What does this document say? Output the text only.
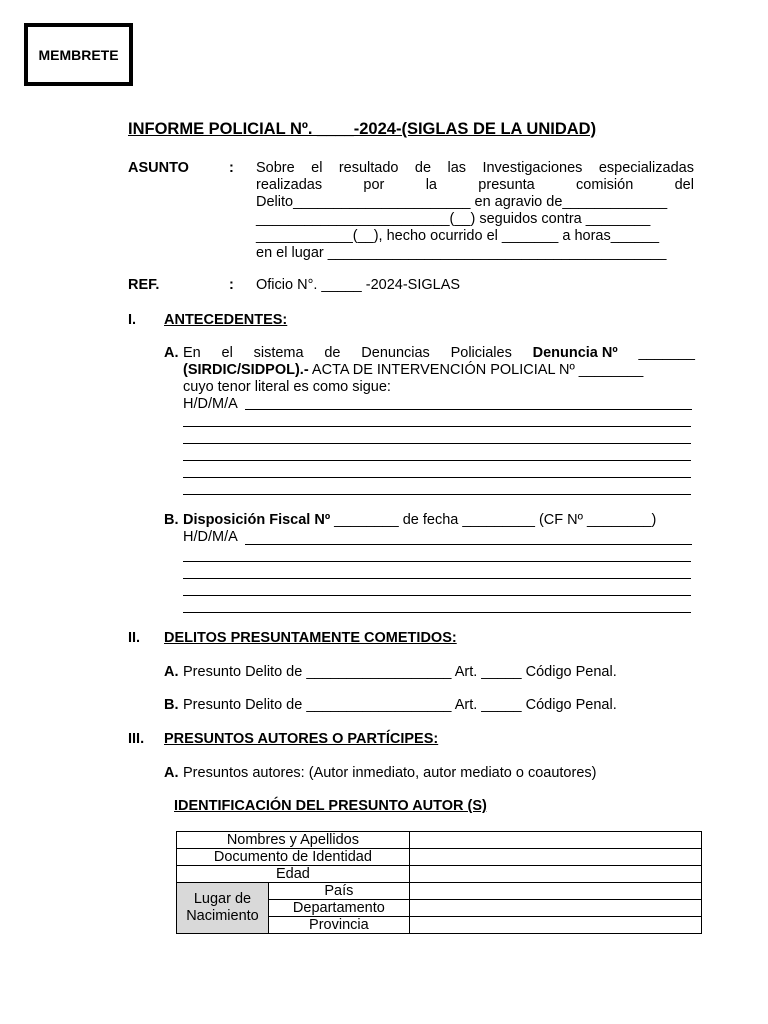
MEMBRETE
INFORME POLICIAL Nº. ____-2024-(SIGLAS DE LA UNIDAD)
ASUNTO	: Sobre el resultado de las Investigaciones especializadas
realizadas	por	la	presunta	comisión	del
Delito______________________ en agravio de_____________
________________________(__) seguidos contra ________
____________(__), hecho ocurrido el _______ a horas______
en el lugar __________________________________________
REF.	: Oficio N°. _____ -2024-SIGLAS
I. ANTECEDENTES:
A. En el sistema de Denuncias Policiales Denuncia Nº _______
(SIRDIC/SIDPOL).- ACTA DE INTERVENCIÓN POLICIAL Nº ________
cuyo tenor literal es como sigue:
H/D/M/A
B. Disposición Fiscal Nº ________ de fecha _________ (CF Nº ________)
H/D/M/A
II. DELITOS PRESUNTAMENTE COMETIDOS:
A. Presunto Delito de __________________ Art. _____ Código Penal.
B. Presunto Delito de __________________ Art. _____ Código Penal.
III. PRESUNTOS AUTORES O PARTÍCIPES:
A. Presuntos autores: (Autor inmediato, autor mediato o coautores)
IDENTIFICACIÓN DEL PRESUNTO AUTOR (S)
Nombres y Apellidos		
Documento de Identidad		
Edad		

Lugar de
Nacimiento	País	
	Departamento	
	Provincia	
